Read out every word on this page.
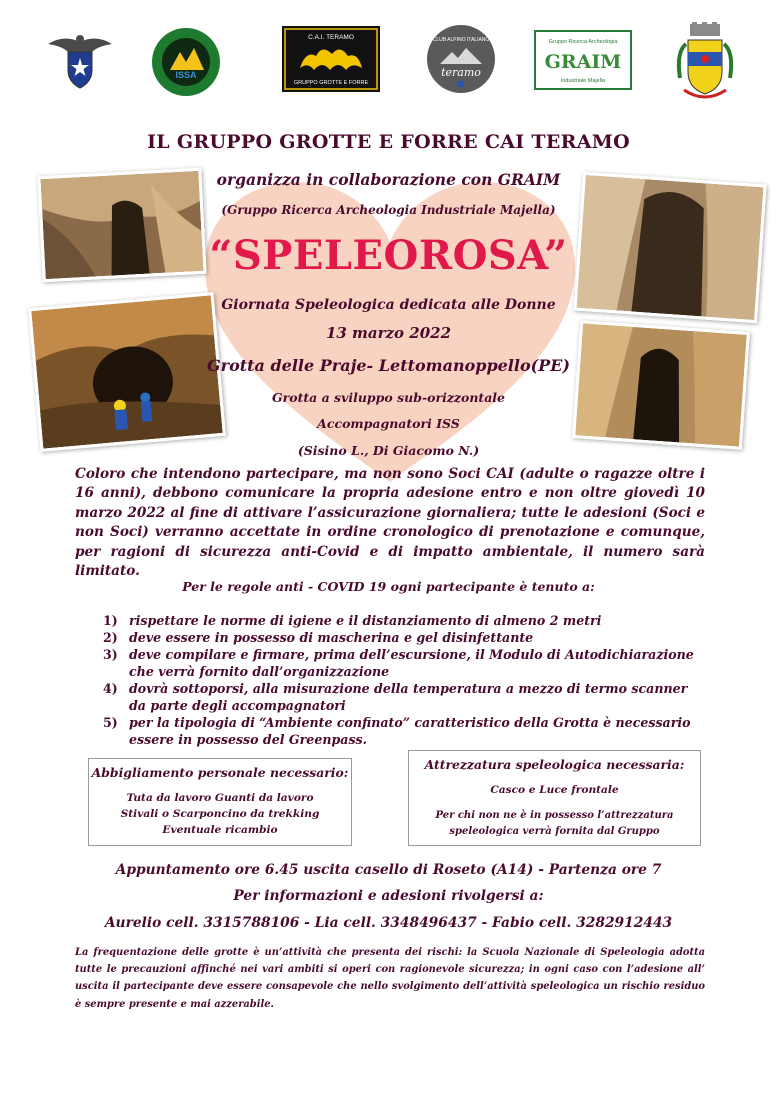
ISSA
C.A.I. TERAMO
GRUPPO GROTTE E FORRE
CLUB ALPINO ITALIANO
teramo
Gruppo Ricerca Archeologia
GRAIM
Industriale Majella
IL GRUPPO GROTTE E FORRE CAI TERAMO
organizza in collaborazione con GRAIM
(Gruppo Ricerca Archeologia Industriale Majella)
“SPELEOROSA”
Giornata Speleologica dedicata alle Donne
13 marzo 2022
Grotta delle Praje- Lettomanoppello(PE)
Grotta a sviluppo sub-orizzontale
Accompagnatori ISS
(Sisino L., Di Giacomo N.)
Coloro che intendono partecipare, ma non sono Soci CAI (adulte o ragazze oltre i 16 anni), debbono comunicare la propria adesione entro e non oltre giovedì 10 marzo 2022 al fine di attivare l’assicurazione giornaliera; tutte le adesioni (Soci e non Soci) verranno accettate in ordine cronologico di prenotazione e comunque, per ragioni di sicurezza anti-Covid e di impatto ambientale, il numero sarà limitato.
Per le regole anti - COVID 19 ogni partecipante è tenuto a:
1) rispettare le norme di igiene e il distanziamento di almeno 2 metri
2) deve essere in possesso di mascherina e gel disinfettante
3) deve compilare e firmare, prima dell’escursione, il Modulo di Autodichiarazione che verrà fornito dall’organizzazione
4) dovrà sottoporsi, alla misurazione della temperatura a mezzo di termo scanner da parte degli accompagnatori
5) per la tipologia di “Ambiente confinato” caratteristico della Grotta è necessario essere in possesso del Greenpass.
Abbigliamento personale necessario:
Tuta da lavoro Guanti da lavoro
Stivali o Scarponcino da trekking
Eventuale ricambio
Attrezzatura speleologica necessaria:
Casco e Luce frontale
Per chi non ne è in possesso l’attrezzatura
speleologica verrà fornita dal Gruppo
Appuntamento ore 6.45 uscita casello di Roseto (A14) - Partenza ore 7
Per informazioni e adesioni rivolgersi a:
Aurelio cell. 3315788106 - Lia cell. 3348496437 - Fabio cell. 3282912443
La frequentazione delle grotte è un’attività che presenta dei rischi: la Scuola Nazionale di Speleologia adotta tutte le precauzioni affinché nei vari ambiti si operi con ragionevole sicurezza; in ogni caso con l’adesione all’ uscita il partecipante deve essere consapevole che nello svolgimento dell’attività speleologica un rischio residuo è sempre presente e mai azzerabile.
